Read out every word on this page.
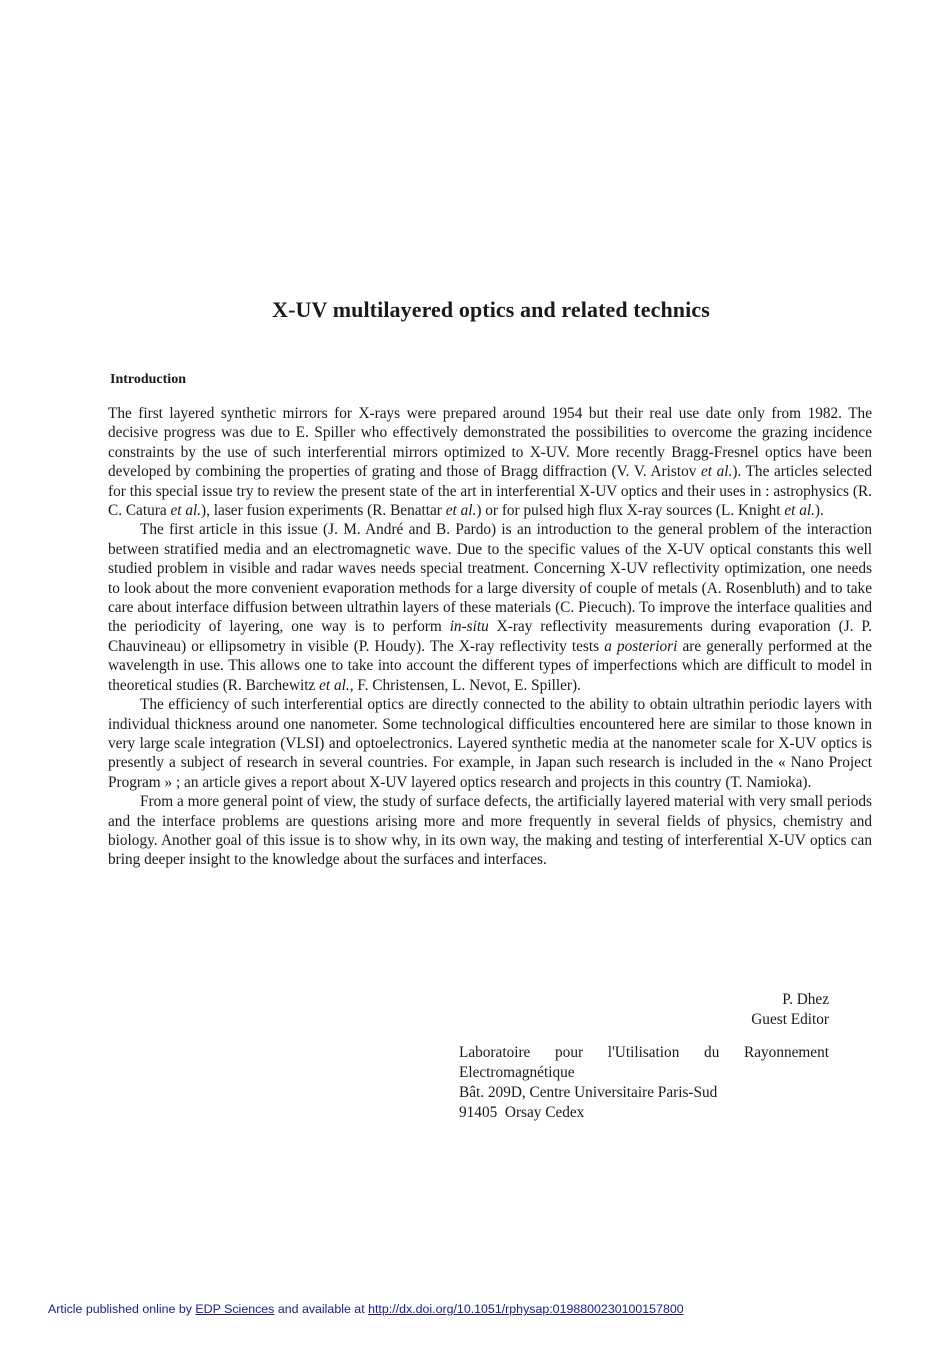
X-UV multilayered optics and related technics
Introduction

The first layered synthetic mirrors for X-rays were prepared around 1954 but their real use date only from 1982. The decisive progress was due to E. Spiller who effectively demonstrated the possibilities to overcome the grazing incidence constraints by the use of such interferential mirrors optimized to X-UV. More recently Bragg-Fresnel optics have been developed by combining the properties of grating and those of Bragg diffraction (V. V. Aristov et al.). The articles selected for this special issue try to review the present state of the art in interferential X-UV optics and their uses in : astrophysics (R. C. Catura et al.), laser fusion experiments (R. Benattar et al.) or for pulsed high flux X-ray sources (L. Knight et al.).

The first article in this issue (J. M. André and B. Pardo) is an introduction to the general problem of the interaction between stratified media and an electromagnetic wave. Due to the specific values of the X-UV optical constants this well studied problem in visible and radar waves needs special treatment. Concerning X-UV reflectivity optimization, one needs to look about the more convenient evaporation methods for a large diversity of couple of metals (A. Rosenbluth) and to take care about interface diffusion between ultrathin layers of these materials (C. Piecuch). To improve the interface qualities and the periodicity of layering, one way is to perform in-situ X-ray reflectivity measurements during evaporation (J. P. Chauvineau) or ellipsometry in visible (P. Houdy). The X-ray reflectivity tests a posteriori are generally performed at the wavelength in use. This allows one to take into account the different types of imperfections which are difficult to model in theoretical studies (R. Barchewitz et al., F. Christensen, L. Nevot, E. Spiller).

The efficiency of such interferential optics are directly connected to the ability to obtain ultrathin periodic layers with individual thickness around one nanometer. Some technological difficulties encountered here are similar to those known in very large scale integration (VLSI) and optoelectronics. Layered synthetic media at the nanometer scale for X-UV optics is presently a subject of research in several countries. For example, in Japan such research is included in the « Nano Project Program » ; an article gives a report about X-UV layered optics research and projects in this country (T. Namioka).

From a more general point of view, the study of surface defects, the artificially layered material with very small periods and the interface problems are questions arising more and more frequently in several fields of physics, chemistry and biology. Another goal of this issue is to show why, in its own way, the making and testing of interferential X-UV optics can bring deeper insight to the knowledge about the surfaces and interfaces.

P. Dhez
Guest Editor
Laboratoire pour l'Utilisation du Rayonnement
Electromagnétique
Bât. 209D, Centre Universitaire Paris-Sud
91405  Orsay Cedex
Article published online by EDP Sciences and available at http://dx.doi.org/10.1051/rphysap:0198800230100157800
